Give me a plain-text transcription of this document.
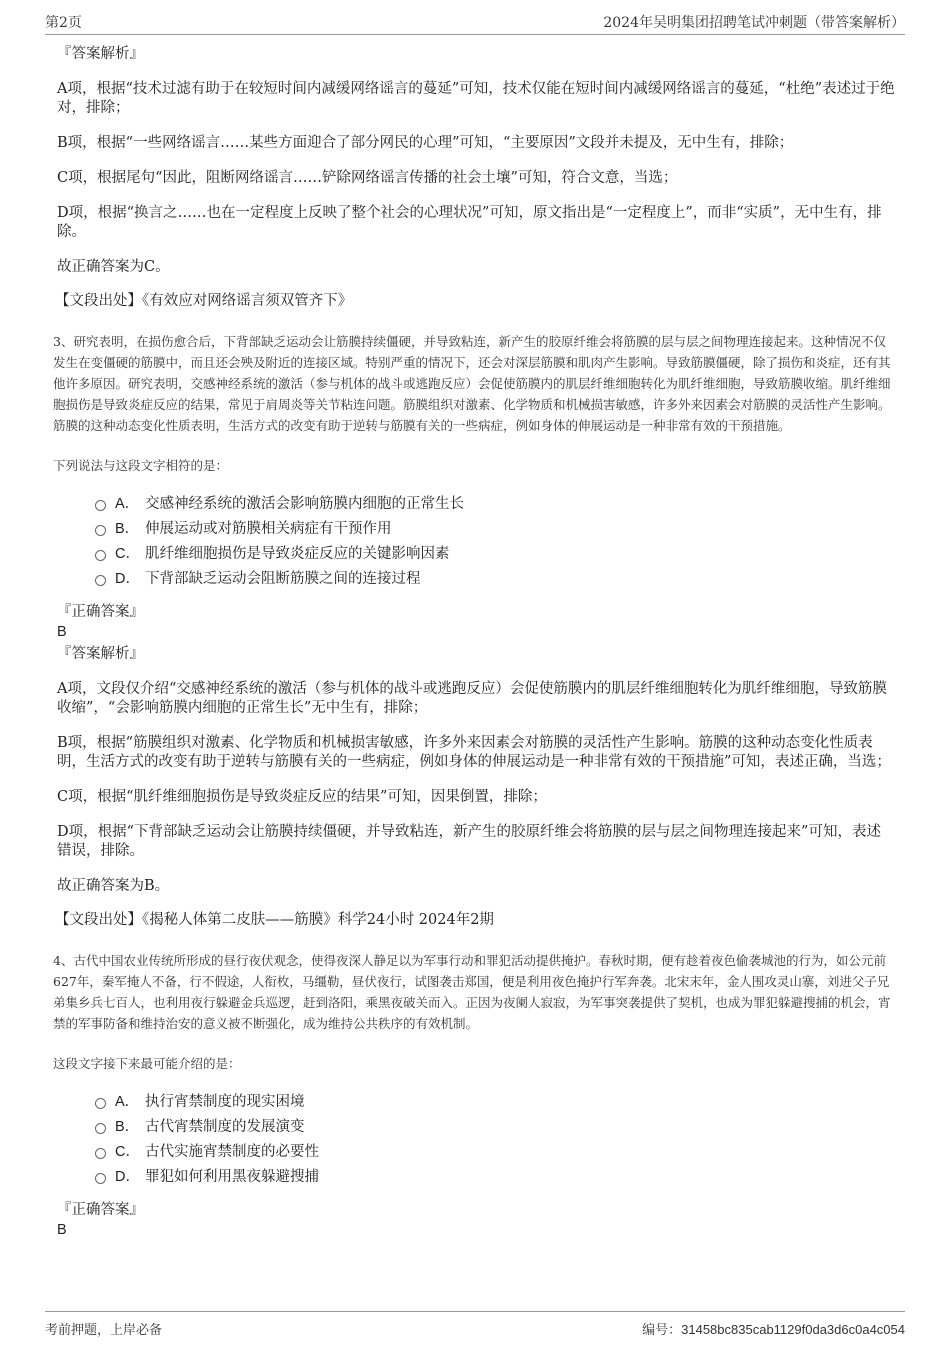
第2页	2024年吴明集团招聘笔试冲刺题（带答案解析）

『答案解析』

A项，根据“技术过滤有助于在较短时间内减缓网络谣言的蔓延”可知，技术仅能在短时间内减缓网络谣言的蔓延，“杜绝”表述过于绝对，排除；

B项，根据“一些网络谣言……某些方面迎合了部分网民的心理”可知，“主要原因”文段并未提及，无中生有，排除；

C项，根据尾句“因此，阻断网络谣言……铲除网络谣言传播的社会土壤”可知，符合文意，当选；

D项，根据“换言之……也在一定程度上反映了整个社会的心理状况”可知，原文指出是“一定程度上”，而非“实质”，无中生有，排除。

故正确答案为C。

【文段出处】《有效应对网络谣言须双管齐下》

3、研究表明，在损伤愈合后，下背部缺乏运动会让筋膜持续僵硬，并导致粘连，新产生的胶原纤维会将筋膜的层与层之间物理连接起来。这种情况不仅发生在变僵硬的筋膜中，而且还会殃及附近的连接区域。特别严重的情况下，还会对深层筋膜和肌肉产生影响。导致筋膜僵硬，除了损伤和炎症，还有其他许多原因。研究表明，交感神经系统的激活（参与机体的战斗或逃跑反应）会促使筋膜内的肌层纤维细胞转化为肌纤维细胞，导致筋膜收缩。肌纤维细胞损伤是导致炎症反应的结果，常见于肩周炎等关节粘连问题。筋膜组织对激素、化学物质和机械损害敏感，许多外来因素会对筋膜的灵活性产生影响。筋膜的这种动态变化性质表明，生活方式的改变有助于逆转与筋膜有关的一些病症，例如身体的伸展运动是一种非常有效的干预措施。

下列说法与这段文字相符的是：

A． 交感神经系统的激活会影响筋膜内细胞的正常生长
B． 伸展运动或对筋膜相关病症有干预作用
C． 肌纤维细胞损伤是导致炎症反应的关键影响因素
D． 下背部缺乏运动会阻断筋膜之间的连接过程

『正确答案』

B

『答案解析』

A项，文段仅介绍“交感神经系统的激活（参与机体的战斗或逃跑反应）会促使筋膜内的肌层纤维细胞转化为肌纤维细胞，导致筋膜收缩”，“会影响筋膜内细胞的正常生长”无中生有，排除；

B项，根据“筋膜组织对激素、化学物质和机械损害敏感，许多外来因素会对筋膜的灵活性产生影响。筋膜的这种动态变化性质表明，生活方式的改变有助于逆转与筋膜有关的一些病症，例如身体的伸展运动是一种非常有效的干预措施”可知，表述正确，当选；

C项，根据“肌纤维细胞损伤是导致炎症反应的结果”可知，因果倒置，排除；

D项，根据“下背部缺乏运动会让筋膜持续僵硬，并导致粘连，新产生的胶原纤维会将筋膜的层与层之间物理连接起来”可知，表述错误，排除。

故正确答案为B。

【文段出处】《揭秘人体第二皮肤——筋膜》科学24小时 2024年2期

4、古代中国农业传统所形成的昼行夜伏观念，使得夜深人静足以为军事行动和罪犯活动提供掩护。春秋时期，便有趁着夜色偷袭城池的行为，如公元前627年，秦军掩人不备，行不假途，人衔枚，马缰勒，昼伏夜行，试图袭击郑国，便是利用夜色掩护行军奔袭。北宋末年，金人围攻灵山寨，刘进父子兄弟集乡兵七百人，也利用夜行躲避金兵巡逻，赶到洛阳，乘黑夜破关而入。正因为夜阑人寂寂，为军事突袭提供了契机，也成为罪犯躲避搜捕的机会，宵禁的军事防备和维持治安的意义被不断强化，成为维持公共秩序的有效机制。

这段文字接下来最可能介绍的是：

A． 执行宵禁制度的现实困境
B． 古代宵禁制度的发展演变
C． 古代实施宵禁制度的必要性
D． 罪犯如何利用黑夜躲避搜捕

『正确答案』

B

考前押题，上岸必备	编号：31458bc835cab1129f0da3d6c0a4c054
